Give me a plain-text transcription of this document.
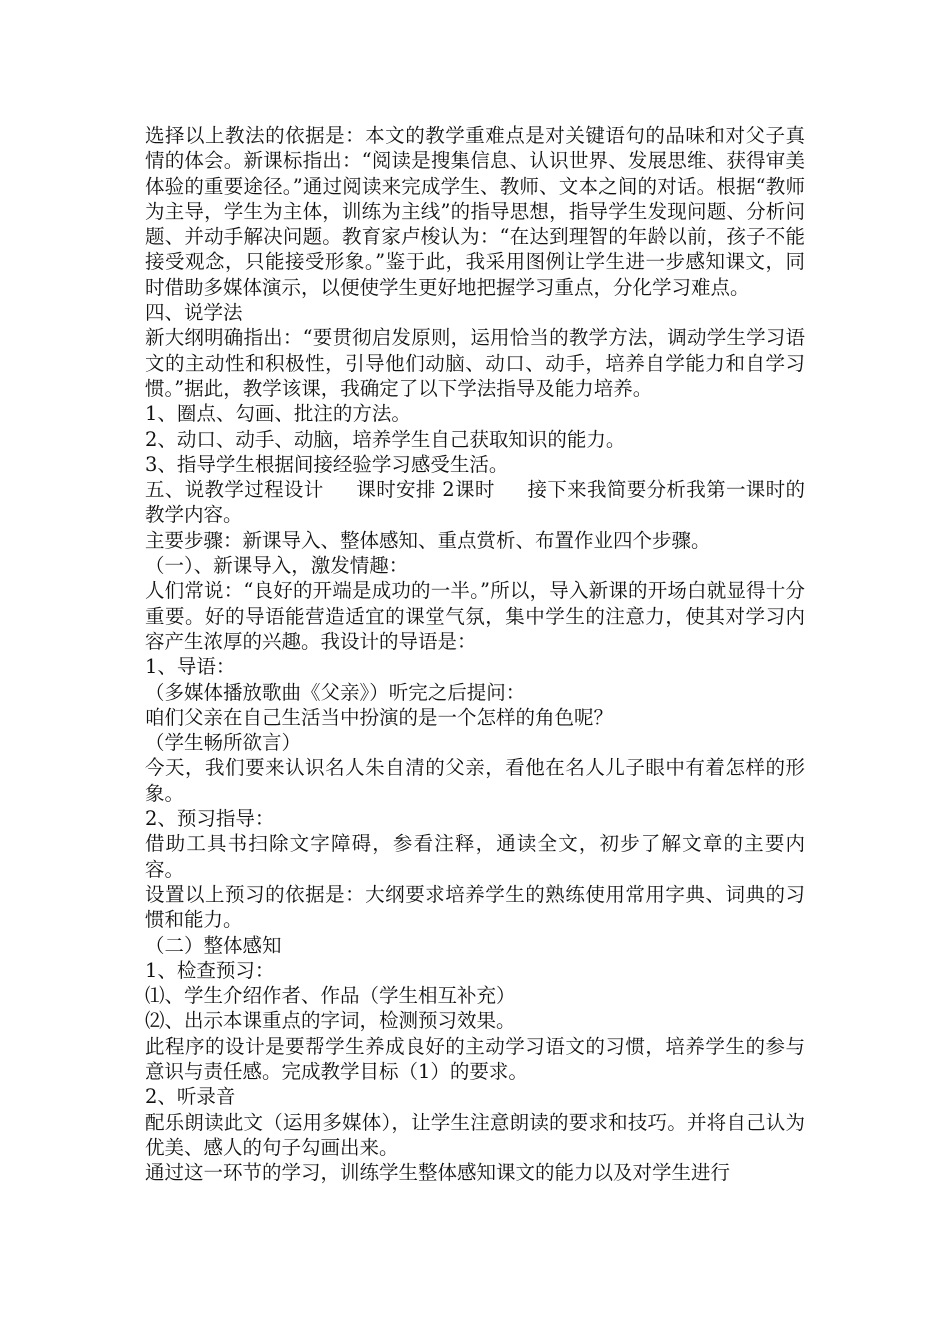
选择以上教法的依据是：本文的教学重难点是对关键语句的品味和对父子真情的体会。新课标指出：“阅读是搜集信息、认识世界、发展思维、获得审美体验的重要途径。”通过阅读来完成学生、教师、文本之间的对话。根据“教师为主导，学生为主体，训练为主线”的指导思想，指导学生发现问题、分析问题、并动手解决问题。教育家卢梭认为：“在达到理智的年龄以前，孩子不能接受观念，只能接受形象。”鉴于此，我采用图例让学生进一步感知课文，同时借助多媒体演示，以便使学生更好地把握学习重点，分化学习难点。

四、说学法

新大纲明确指出：“要贯彻启发原则，运用恰当的教学方法，调动学生学习语文的主动性和积极性，引导他们动脑、动口、动手，培养自学能力和自学习惯。”据此，教学该课，我确定了以下学法指导及能力培养。

1、圈点、勾画、批注的方法。

2、动口、动手、动脑，培养学生自己获取知识的能力。

3、指导学生根据间接经验学习感受生活。

五、说教学过程设计     课时安排 2课时     接下来我简要分析我第一课时的教学内容。

主要步骤：新课导入、整体感知、重点赏析、布置作业四个步骤。

（一）、新课导入，激发情趣：

人们常说：“良好的开端是成功的一半。”所以，导入新课的开场白就显得十分重要。好的导语能营造适宜的课堂气氛，集中学生的注意力，使其对学习内容产生浓厚的兴趣。我设计的导语是：

1、导语：

（多媒体播放歌曲《父亲》）听完之后提问：

咱们父亲在自己生活当中扮演的是一个怎样的角色呢？

（学生畅所欲言）

今天，我们要来认识名人朱自清的父亲，看他在名人儿子眼中有着怎样的形象。

2、预习指导：

借助工具书扫除文字障碍，参看注释，通读全文，初步了解文章的主要内容。

设置以上预习的依据是：大纲要求培养学生的熟练使用常用字典、词典的习惯和能力。

（二）整体感知

1、检查预习：

⑴、学生介绍作者、作品（学生相互补充）

⑵、出示本课重点的字词，检测预习效果。

此程序的设计是要帮学生养成良好的主动学习语文的习惯，培养学生的参与意识与责任感。完成教学目标（1）的要求。

2、听录音

配乐朗读此文（运用多媒体），让学生注意朗读的要求和技巧。并将自己认为优美、感人的句子勾画出来。

通过这一环节的学习，训练学生整体感知课文的能力以及对学生进行
